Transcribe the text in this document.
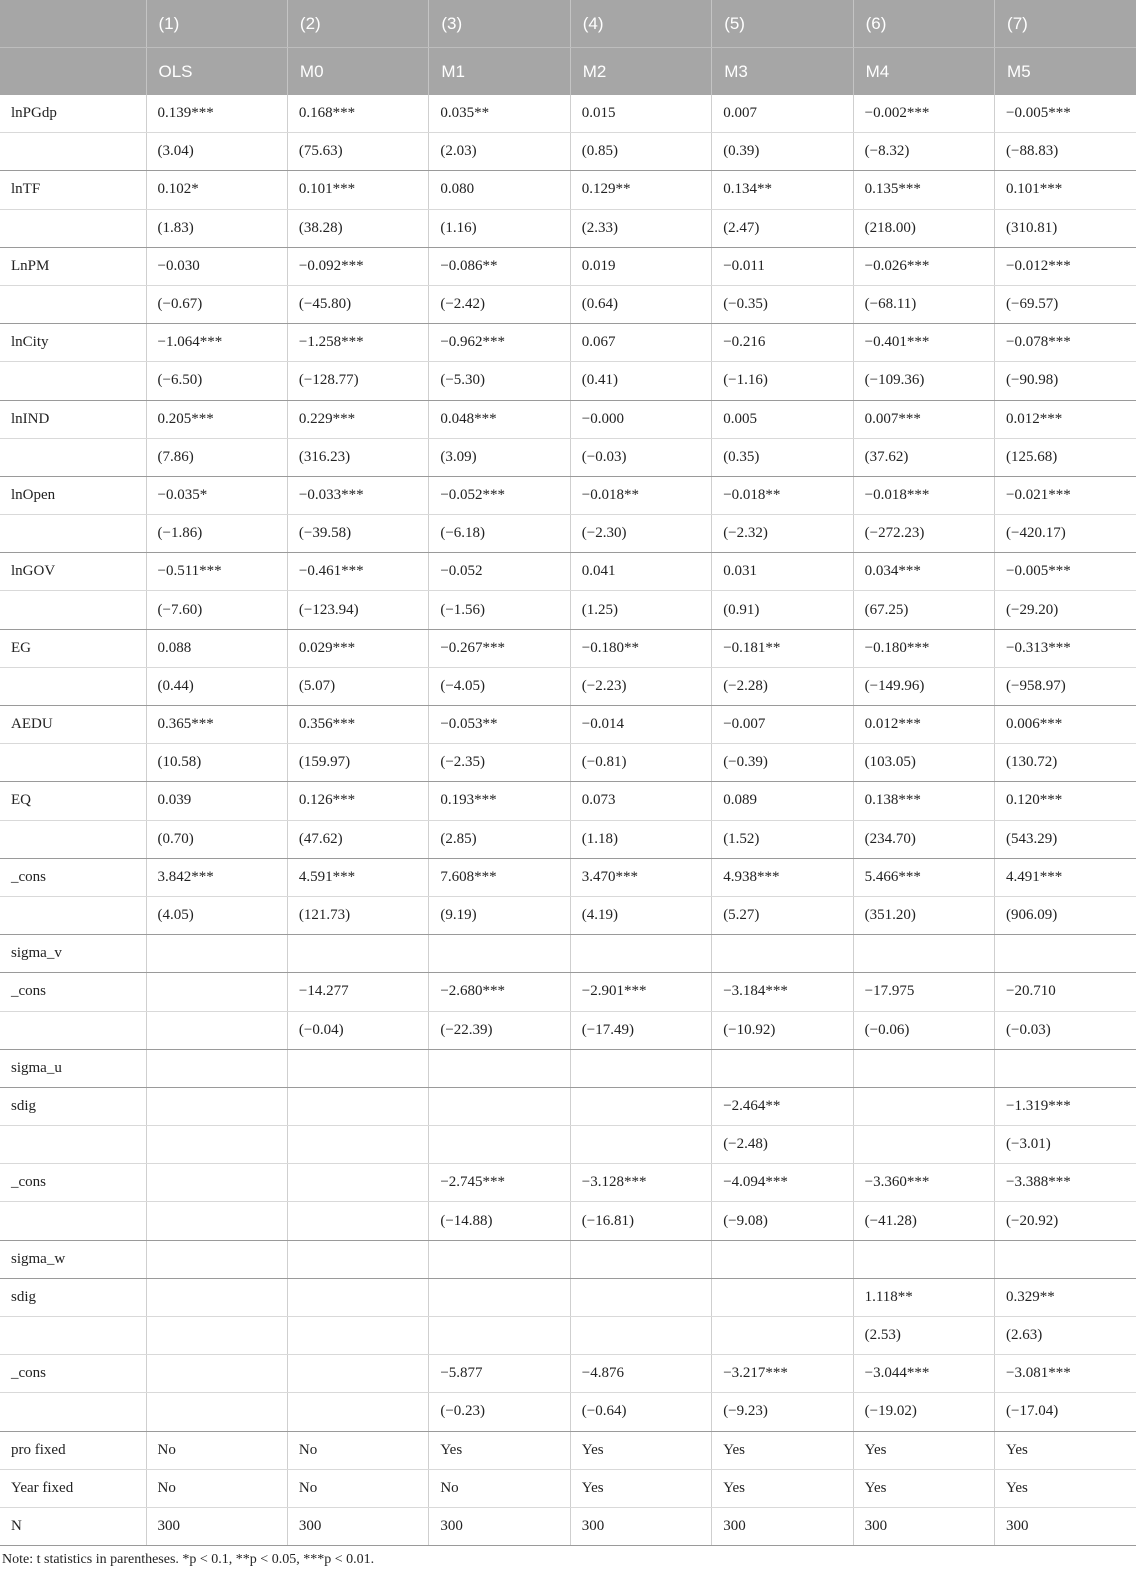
	(1)	(2)	(3)	(4)	(5)	(6)	(7)
	OLS	M0	M1	M2	M3	M4	M5
lnPGdp	0.139***	0.168***	0.035**	0.015	0.007	−0.002***	−0.005***
	(3.04)	(75.63)	(2.03)	(0.85)	(0.39)	(−8.32)	(−88.83)
lnTF	0.102*	0.101***	0.080	0.129**	0.134**	0.135***	0.101***
	(1.83)	(38.28)	(1.16)	(2.33)	(2.47)	(218.00)	(310.81)
LnPM	−0.030	−0.092***	−0.086**	0.019	−0.011	−0.026***	−0.012***
	(−0.67)	(−45.80)	(−2.42)	(0.64)	(−0.35)	(−68.11)	(−69.57)
lnCity	−1.064***	−1.258***	−0.962***	0.067	−0.216	−0.401***	−0.078***
	(−6.50)	(−128.77)	(−5.30)	(0.41)	(−1.16)	(−109.36)	(−90.98)
lnIND	0.205***	0.229***	0.048***	−0.000	0.005	0.007***	0.012***
	(7.86)	(316.23)	(3.09)	(−0.03)	(0.35)	(37.62)	(125.68)
lnOpen	−0.035*	−0.033***	−0.052***	−0.018**	−0.018**	−0.018***	−0.021***
	(−1.86)	(−39.58)	(−6.18)	(−2.30)	(−2.32)	(−272.23)	(−420.17)
lnGOV	−0.511***	−0.461***	−0.052	0.041	0.031	0.034***	−0.005***
	(−7.60)	(−123.94)	(−1.56)	(1.25)	(0.91)	(67.25)	(−29.20)
EG	0.088	0.029***	−0.267***	−0.180**	−0.181**	−0.180***	−0.313***
	(0.44)	(5.07)	(−4.05)	(−2.23)	(−2.28)	(−149.96)	(−958.97)
AEDU	0.365***	0.356***	−0.053**	−0.014	−0.007	0.012***	0.006***
	(10.58)	(159.97)	(−2.35)	(−0.81)	(−0.39)	(103.05)	(130.72)
EQ	0.039	0.126***	0.193***	0.073	0.089	0.138***	0.120***
	(0.70)	(47.62)	(2.85)	(1.18)	(1.52)	(234.70)	(543.29)
_cons	3.842***	4.591***	7.608***	3.470***	4.938***	5.466***	4.491***
	(4.05)	(121.73)	(9.19)	(4.19)	(5.27)	(351.20)	(906.09)
sigma_v							
_cons		−14.277	−2.680***	−2.901***	−3.184***	−17.975	−20.710
		(−0.04)	(−22.39)	(−17.49)	(−10.92)	(−0.06)	(−0.03)
sigma_u							
sdig					−2.464**		−1.319***
					(−2.48)		(−3.01)
_cons			−2.745***	−3.128***	−4.094***	−3.360***	−3.388***
			(−14.88)	(−16.81)	(−9.08)	(−41.28)	(−20.92)
sigma_w							
sdig						1.118**	0.329**
						(2.53)	(2.63)
_cons			−5.877	−4.876	−3.217***	−3.044***	−3.081***
			(−0.23)	(−0.64)	(−9.23)	(−19.02)	(−17.04)
pro fixed	No	No	Yes	Yes	Yes	Yes	Yes
Year fixed	No	No	No	Yes	Yes	Yes	Yes
N	300	300	300	300	300	300	300
Note: t statistics in parentheses. *p < 0.1, **p < 0.05, ***p < 0.01.
